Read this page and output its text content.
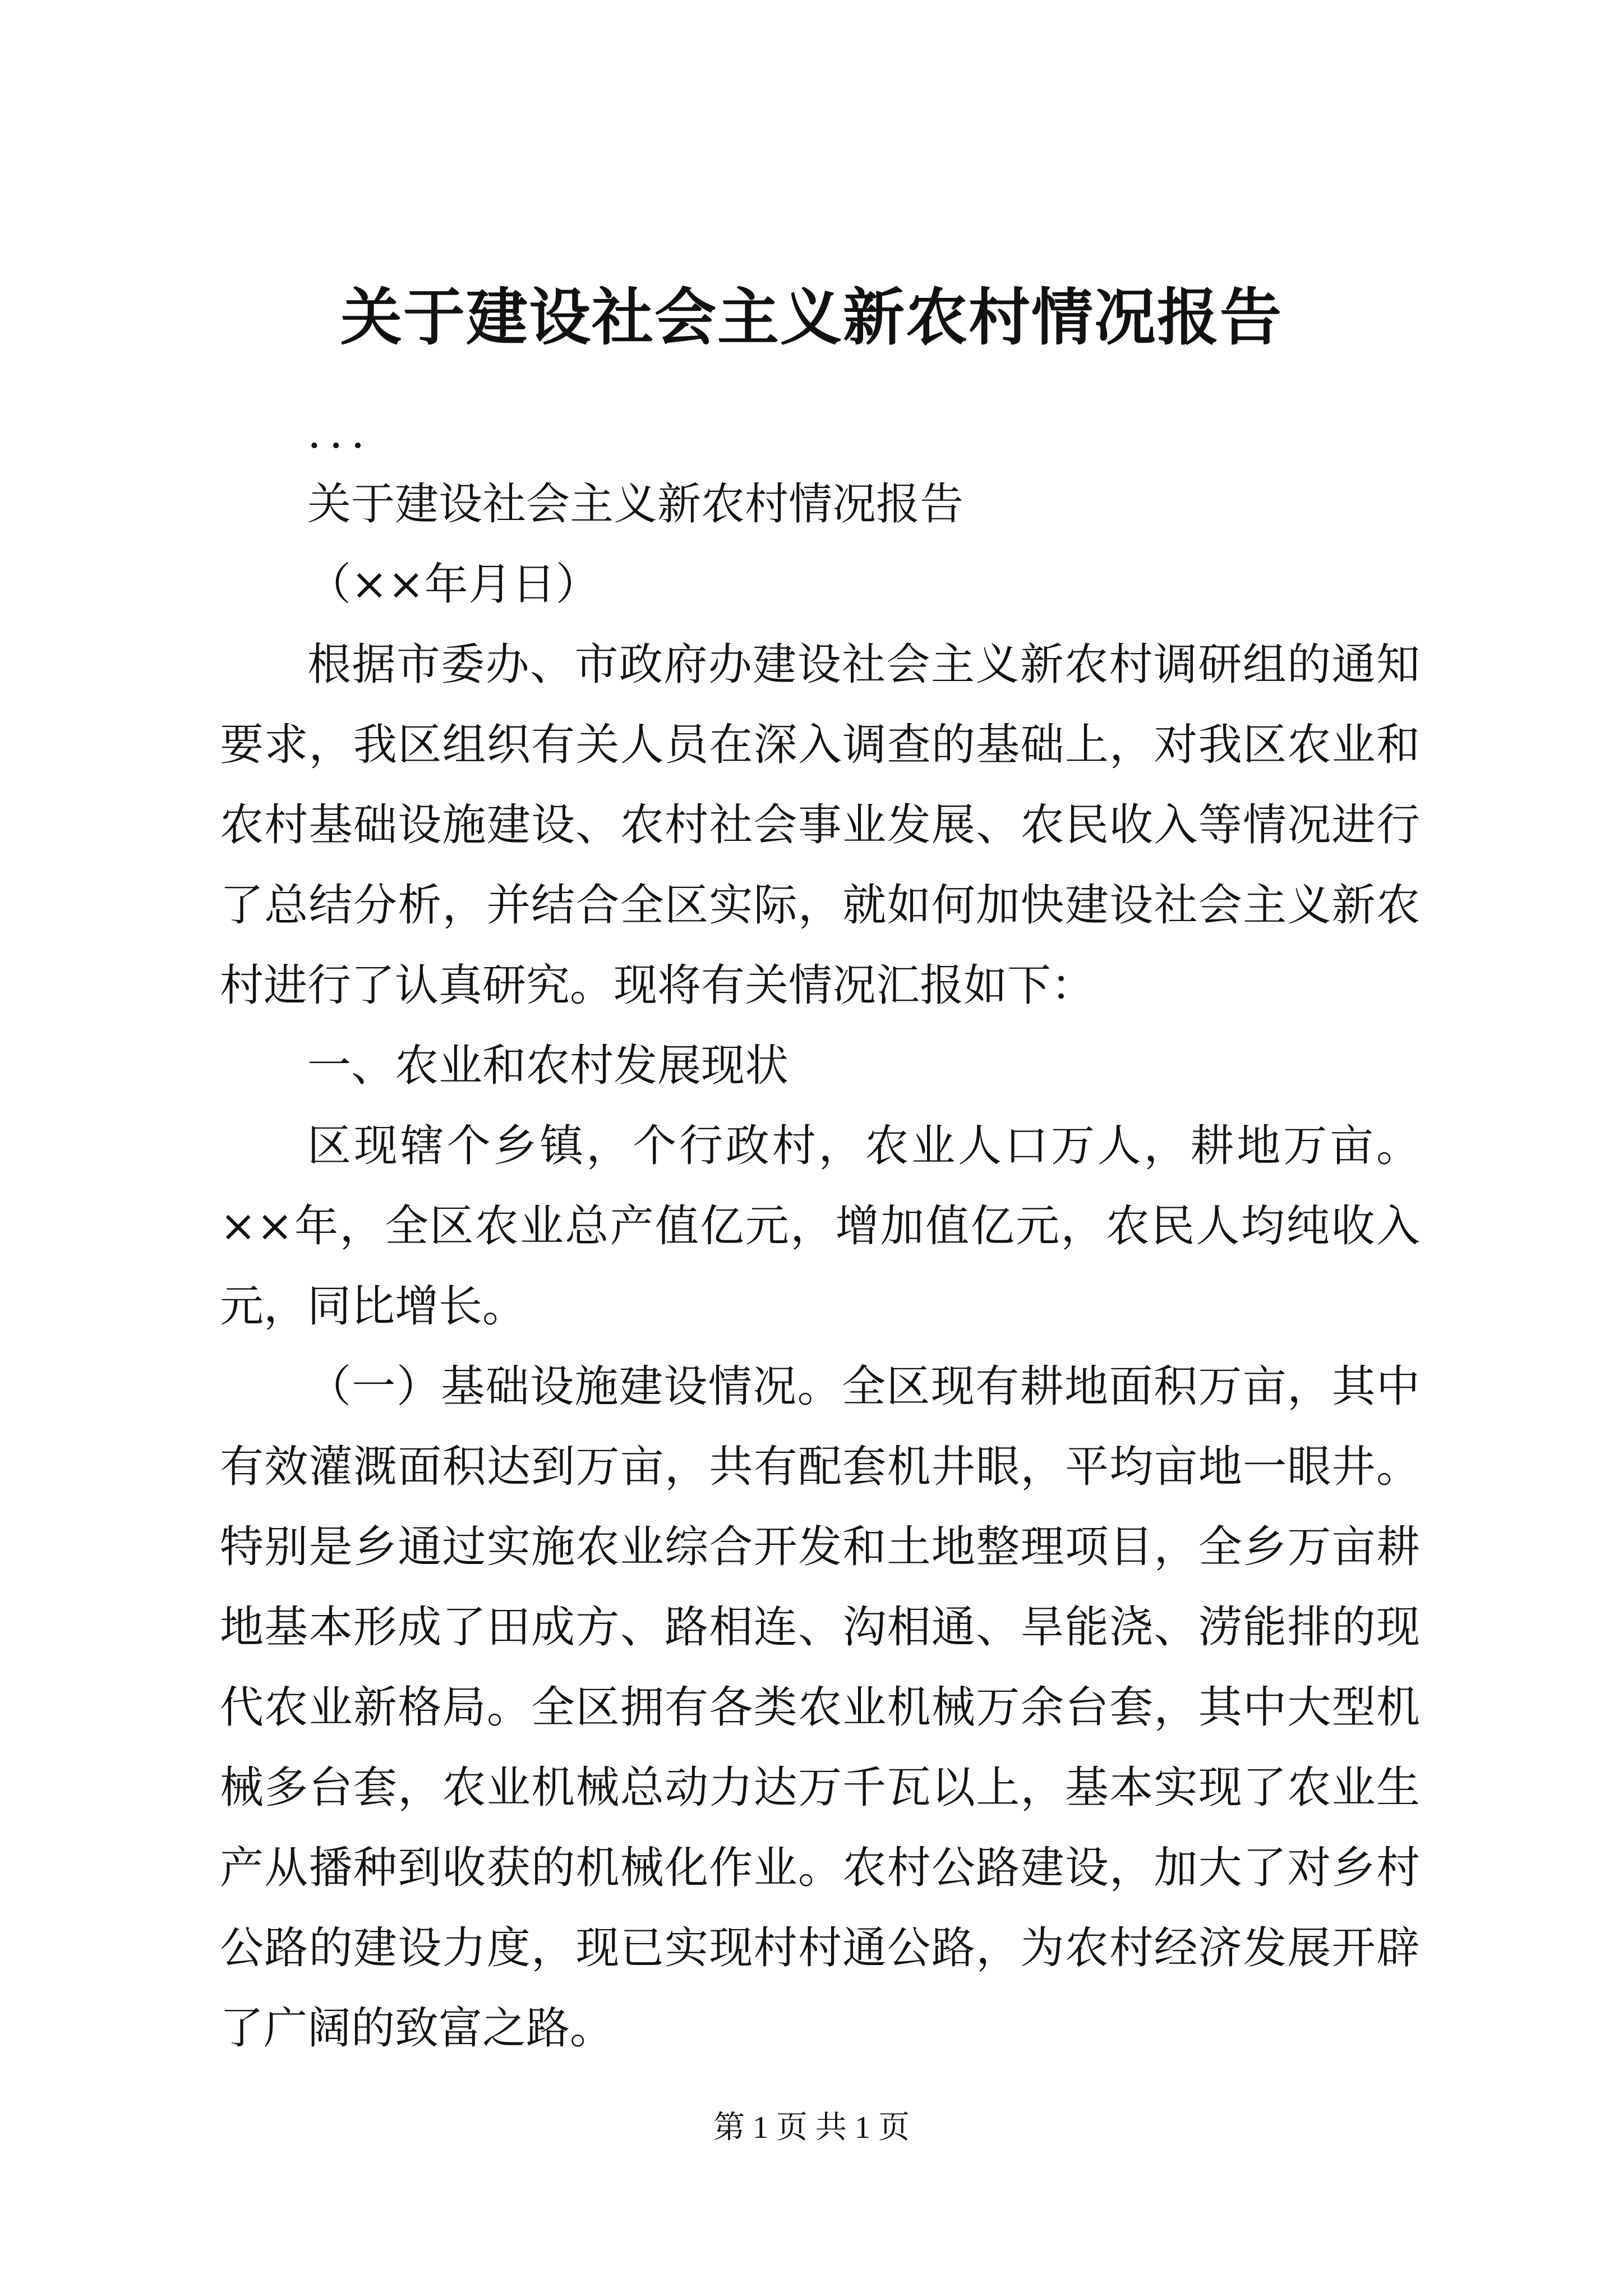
关于建设社会主义新农村情况报告

...

关于建设社会主义新农村情况报告

（××年月日）

根据市委办、市政府办建设社会主义新农村调研组的通知要求，我区组织有关人员在深入调查的基础上，对我区农业和农村基础设施建设、农村社会事业发展、农民收入等情况进行了总结分析，并结合全区实际，就如何加快建设社会主义新农村进行了认真研究。现将有关情况汇报如下：

一、农业和农村发展现状

区现辖个乡镇，个行政村，农业人口万人，耕地万亩。××年，全区农业总产值亿元，增加值亿元，农民人均纯收入元，同比增长。

（一）基础设施建设情况。全区现有耕地面积万亩，其中有效灌溉面积达到万亩，共有配套机井眼，平均亩地一眼井。特别是乡通过实施农业综合开发和土地整理项目，全乡万亩耕地基本形成了田成方、路相连、沟相通、旱能浇、涝能排的现代农业新格局。全区拥有各类农业机械万余台套，其中大型机械多台套，农业机械总动力达万千瓦以上，基本实现了农业生产从播种到收获的机械化作业。农村公路建设，加大了对乡村公路的建设力度，现已实现村村通公路，为农村经济发展开辟了广阔的致富之路。

第 1 页 共 1 页
